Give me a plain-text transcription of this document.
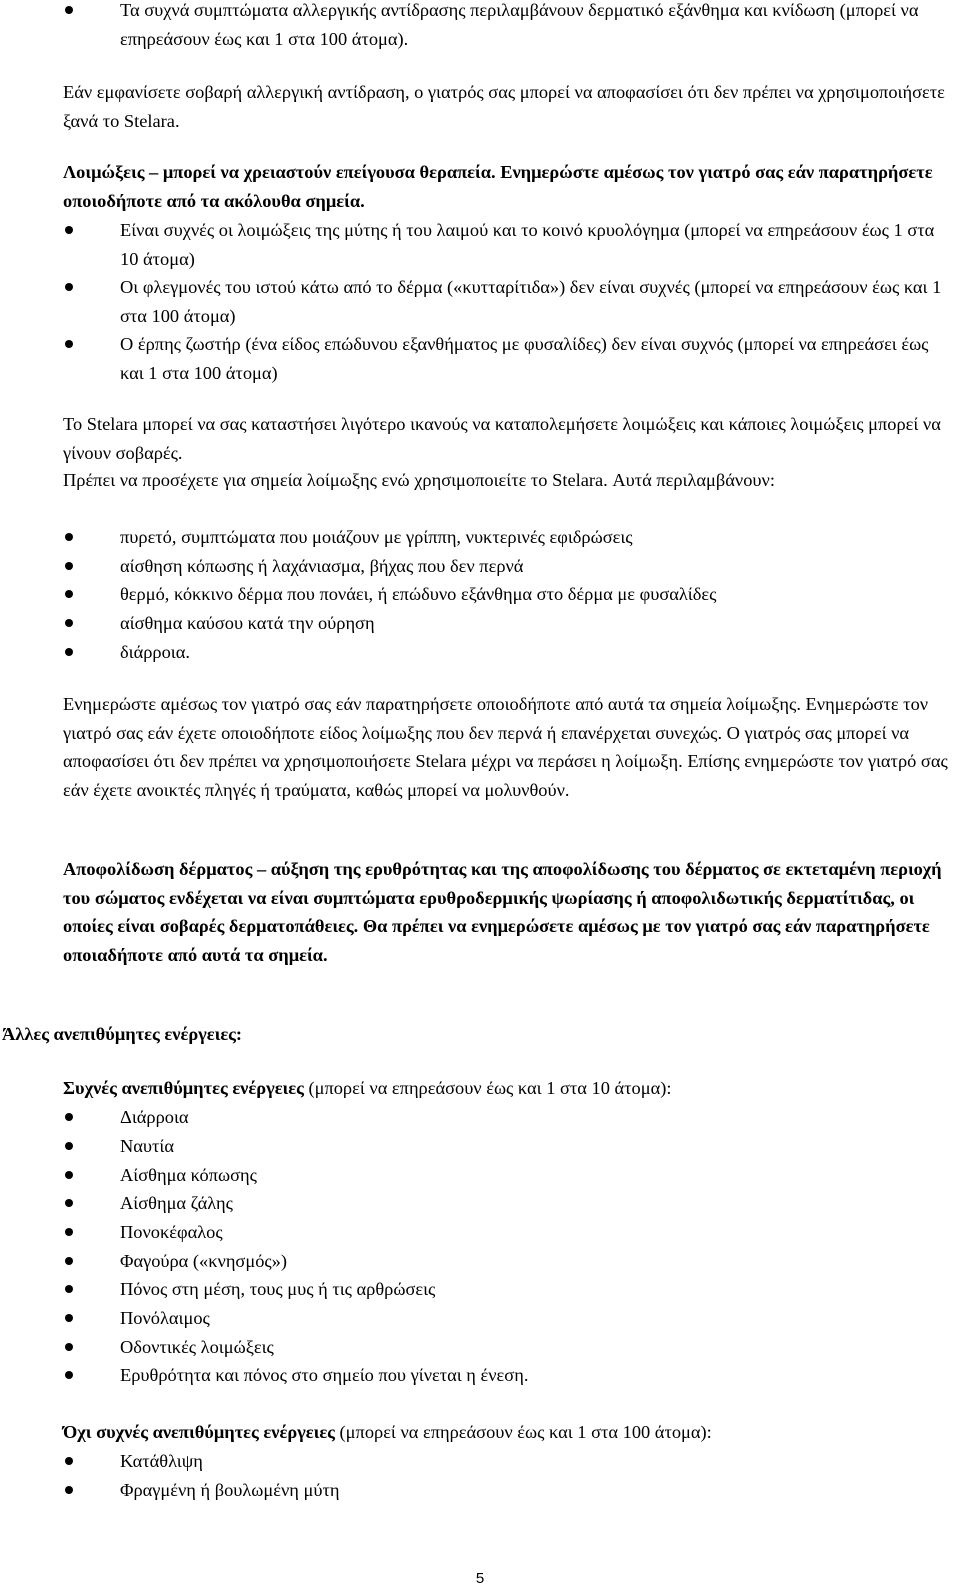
Τα συχνά συμπτώματα αλλεργικής αντίδρασης περιλαμβάνουν δερματικό εξάνθημα και κνίδωση (μπορεί να επηρεάσουν έως και 1 στα 100 άτομα).

Εάν εμφανίσετε σοβαρή αλλεργική αντίδραση, ο γιατρός σας μπορεί να αποφασίσει ότι δεν πρέπει να χρησιμοποιήσετε ξανά το Stelara.

Λοιμώξεις – μπορεί να χρειαστούν επείγουσα θεραπεία. Ενημερώστε αμέσως τον γιατρό σας εάν παρατηρήσετε οποιοδήποτε από τα ακόλουθα σημεία.

Είναι συχνές οι λοιμώξεις της μύτης ή του λαιμού και το κοινό κρυολόγημα (μπορεί να επηρεάσουν έως 1 στα 10 άτομα)
Οι φλεγμονές του ιστού κάτω από το δέρμα («κυτταρίτιδα») δεν είναι συχνές (μπορεί να επηρεάσουν έως και 1 στα 100 άτομα)
Ο έρπης ζωστήρ (ένα είδος επώδυνου εξανθήματος με φυσαλίδες) δεν είναι συχνός (μπορεί να επηρεάσει έως και 1 στα 100 άτομα)

Το Stelara μπορεί να σας καταστήσει λιγότερο ικανούς να καταπολεμήσετε λοιμώξεις και κάποιες λοιμώξεις μπορεί να γίνουν σοβαρές.

Πρέπει να προσέχετε για σημεία λοίμωξης ενώ χρησιμοποιείτε το Stelara. Αυτά περιλαμβάνουν:

πυρετό, συμπτώματα που μοιάζουν με γρίππη, νυκτερινές εφιδρώσεις
αίσθηση κόπωσης ή λαχάνιασμα, βήχας που δεν περνά
θερμό, κόκκινο δέρμα που πονάει, ή επώδυνο εξάνθημα στο δέρμα με φυσαλίδες
αίσθημα καύσου κατά την ούρηση
διάρροια.

Ενημερώστε αμέσως τον γιατρό σας εάν παρατηρήσετε οποιοδήποτε από αυτά τα σημεία λοίμωξης. Ενημερώστε τον γιατρό σας εάν έχετε οποιοδήποτε είδος λοίμωξης που δεν περνά ή επανέρχεται συνεχώς. Ο γιατρός σας μπορεί να αποφασίσει ότι δεν πρέπει να χρησιμοποιήσετε Stelara μέχρι να περάσει η λοίμωξη. Επίσης ενημερώστε τον γιατρό σας εάν έχετε ανοικτές πληγές ή τραύματα, καθώς μπορεί να μολυνθούν.

Αποφολίδωση δέρματος – αύξηση της ερυθρότητας και της αποφολίδωσης του δέρματος σε εκτεταμένη περιοχή του σώματος ενδέχεται να είναι συμπτώματα ερυθροδερμικής ψωρίασης ή αποφολιδωτικής δερματίτιδας, οι οποίες είναι σοβαρές δερματοπάθειες. Θα πρέπει να ενημερώσετε αμέσως με τον γιατρό σας εάν παρατηρήσετε οποιαδήποτε από αυτά τα σημεία.

Άλλες ανεπιθύμητες ενέργειες:

Συχνές ανεπιθύμητες ενέργειες (μπορεί να επηρεάσουν έως και 1 στα 10 άτομα):

Διάρροια
Ναυτία
Αίσθημα κόπωσης
Αίσθημα ζάλης
Πονοκέφαλος
Φαγούρα («κνησμός»)
Πόνος στη μέση, τους μυς ή τις αρθρώσεις
Πονόλαιμος
Οδοντικές λοιμώξεις
Ερυθρότητα και πόνος στο σημείο που γίνεται η ένεση.

Όχι συχνές ανεπιθύμητες ενέργειες (μπορεί να επηρεάσουν έως και 1 στα 100 άτομα):

Κατάθλιψη
Φραγμένη ή βουλωμένη μύτη
5
